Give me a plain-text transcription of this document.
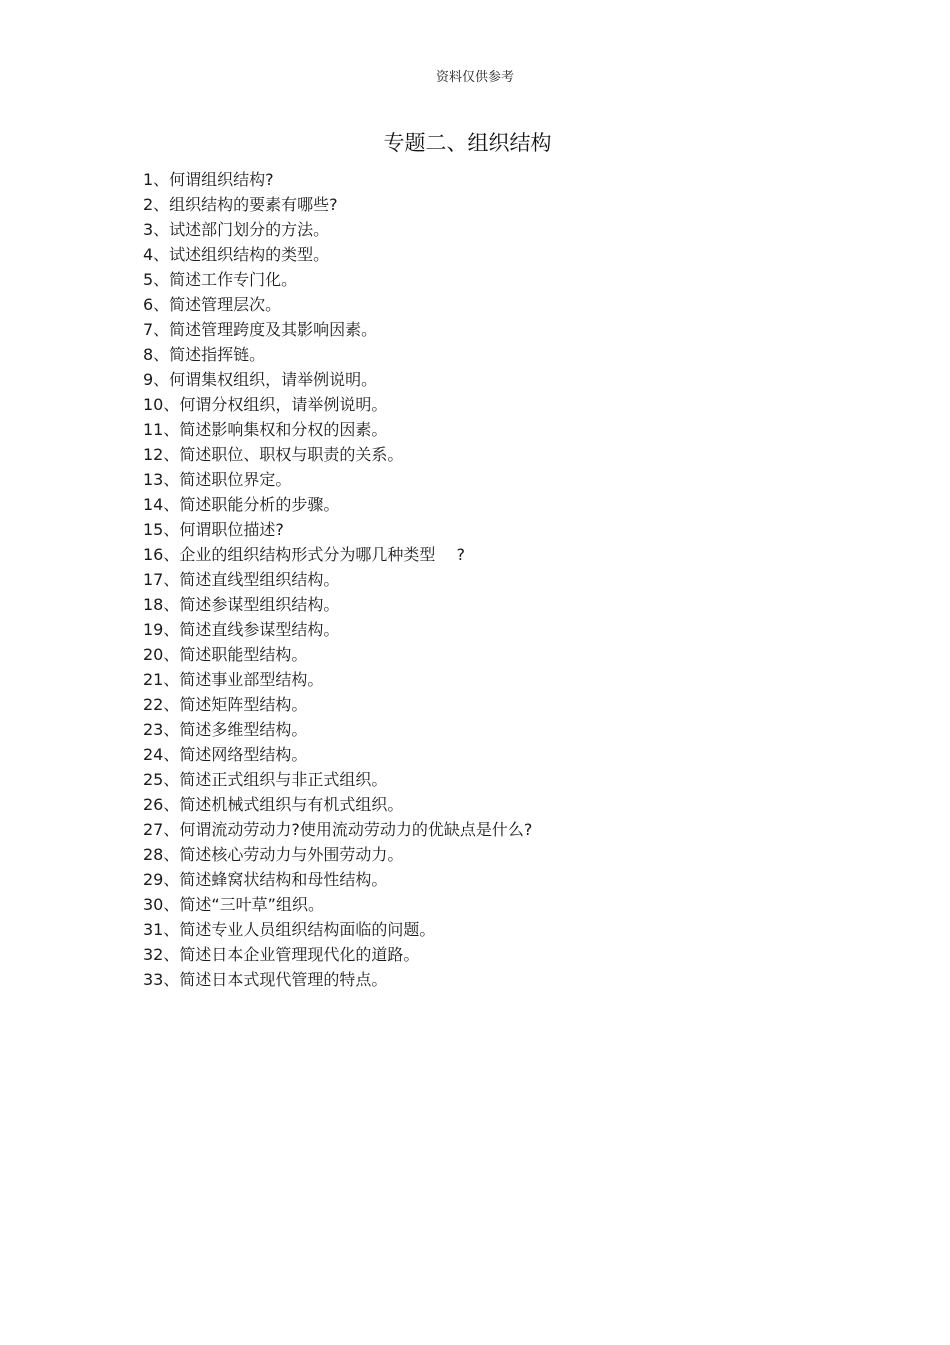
资料仅供参考
专题二、组织结构
1、何谓组织结构?
2、组织结构的要素有哪些?
3、试述部门划分的方法。
4、试述组织结构的类型。
5、简述工作专门化。
6、简述管理层次。
7、简述管理跨度及其影响因素。
8、简述指挥链。
9、何谓集权组织，请举例说明。
10、何谓分权组织，请举例说明。
11、简述影响集权和分权的因素。
12、简述职位、职权与职责的关系。
13、简述职位界定。
14、简述职能分析的步骤。
15、何谓职位描述?
16、企业的组织结构形式分为哪几种类型　 ?
17、简述直线型组织结构。
18、简述参谋型组织结构。
19、简述直线参谋型结构。
20、简述职能型结构。
21、简述事业部型结构。
22、简述矩阵型结构。
23、简述多维型结构。
24、简述网络型结构。
25、简述正式组织与非正式组织。
26、简述机械式组织与有机式组织。
27、何谓流动劳动力?使用流动劳动力的优缺点是什么?
28、简述核心劳动力与外围劳动力。
29、简述蜂窝状结构和母性结构。
30、简述“三叶草”组织。
31、简述专业人员组织结构面临的问题。
32、简述日本企业管理现代化的道路。
33、简述日本式现代管理的特点。
